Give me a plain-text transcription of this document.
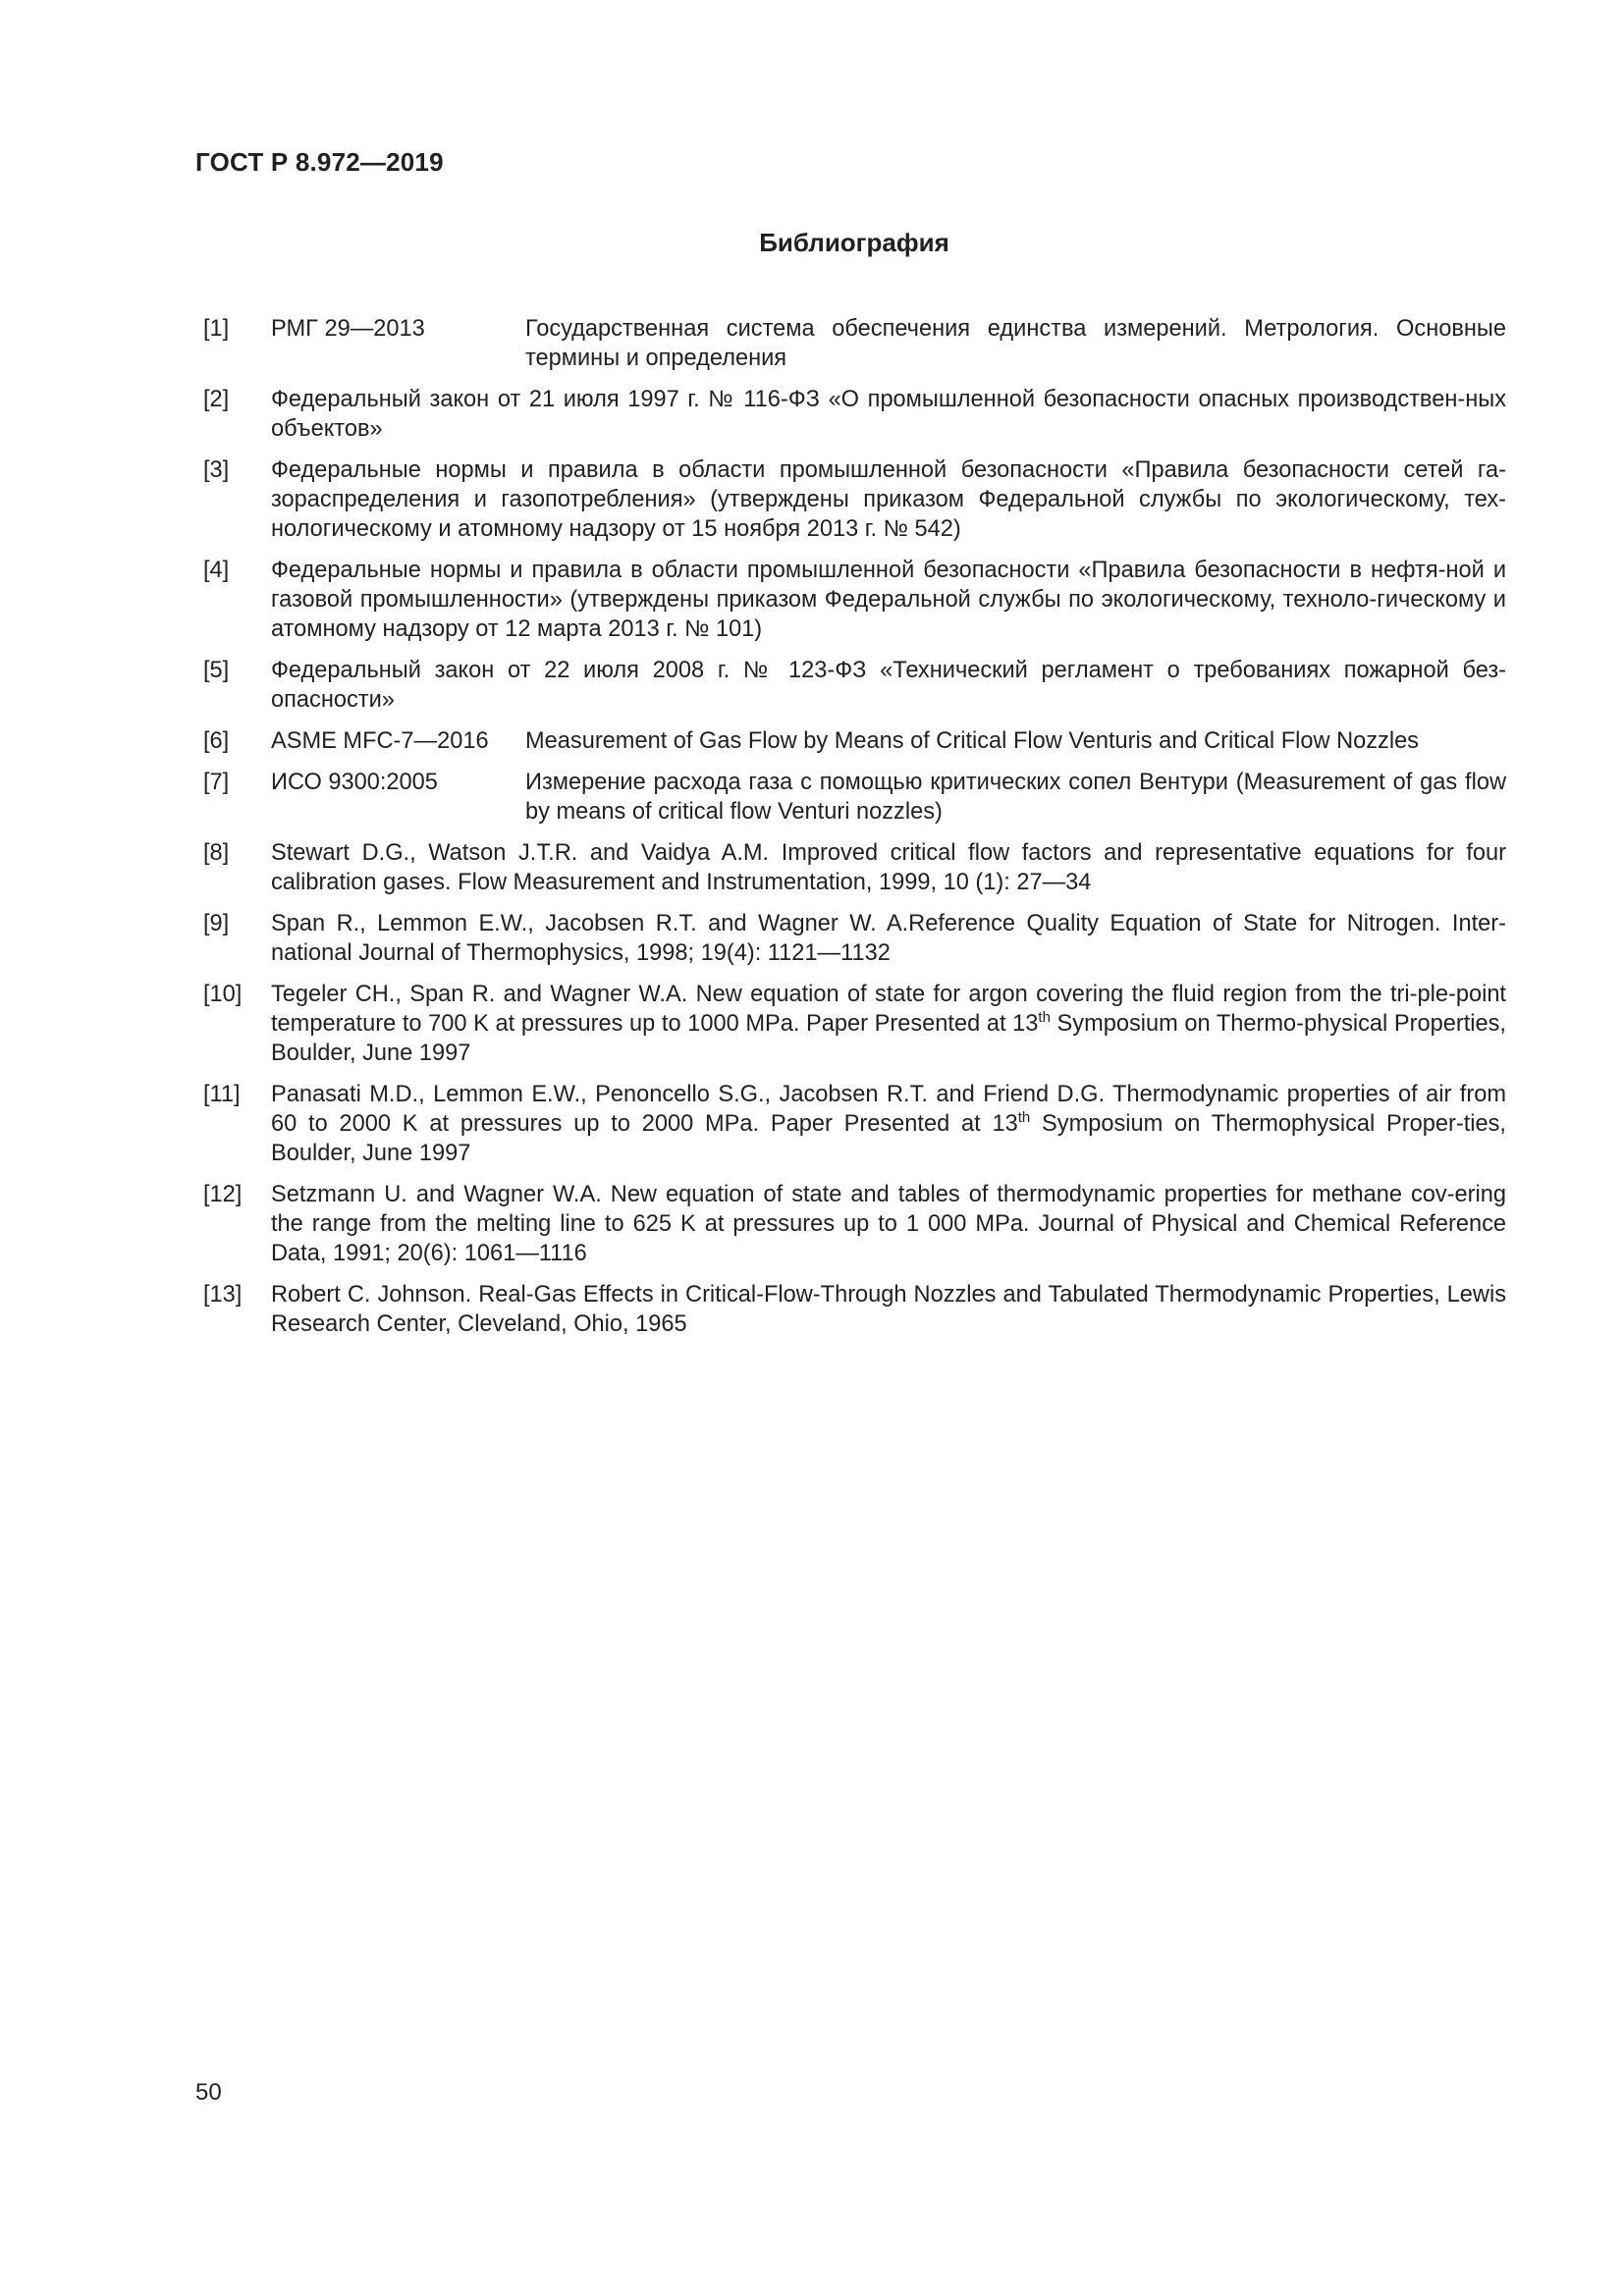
ГОСТ Р 8.972—2019
Библиография
[1]	РМГ 29—2013	Государственная система обеспечения единства измерений. Метрология. Основные термины и определения
[2]	Федеральный закон от 21 июля 1997 г. № 116-ФЗ «О промышленной безопасности опасных производствен-ных объектов»
[3]	Федеральные нормы и правила в области промышленной безопасности «Правила безопасности сетей га-зораспределения и газопотребления» (утверждены приказом Федеральной службы по экологическому, тех-нологическому и атомному надзору от 15 ноября 2013 г. № 542)
[4]	Федеральные нормы и правила в области промышленной безопасности «Правила безопасности в нефтя-ной и газовой промышленности» (утверждены приказом Федеральной службы по экологическому, техноло-гическому и атомному надзору от 12 марта 2013 г. № 101)
[5]	Федеральный закон от 22 июля 2008 г. № 123-ФЗ «Технический регламент о требованиях пожарной без-опасности»
[6]	ASME MFC-7—2016	Measurement of Gas Flow by Means of Critical Flow Venturis and Critical Flow Nozzles
[7]	ИСО 9300:2005	Измерение расхода газа с помощью критических сопел Вентури (Measurement of gas flow by means of critical flow Venturi nozzles)
[8]	Stewart D.G., Watson J.T.R. and Vaidya A.M. Improved critical flow factors and representative equations for four calibration gases. Flow Measurement and Instrumentation, 1999, 10 (1): 27—34
[9]	Span R., Lemmon E.W., Jacobsen R.T. and Wagner W. A.Reference Quality Equation of State for Nitrogen. Inter-national Journal of Thermophysics, 1998; 19(4): 1121—1132
[10]	Tegeler CH., Span R. and Wagner W.A. New equation of state for argon covering the fluid region from the tri-ple-point temperature to 700 K at pressures up to 1000 MPa. Paper Presented at 13th Symposium on Thermo-physical Properties, Boulder, June 1997
[11]	Panasati M.D., Lemmon E.W., Penoncello S.G., Jacobsen R.T. and Friend D.G. Thermodynamic properties of air from 60 to 2000 K at pressures up to 2000 MPa. Paper Presented at 13th Symposium on Thermophysical Proper-ties, Boulder, June 1997
[12]	Setzmann U. and Wagner W.A. New equation of state and tables of thermodynamic properties for methane cov-ering the range from the melting line to 625 K at pressures up to 1 000 MPa. Journal of Physical and Chemical Reference Data, 1991; 20(6): 1061—1116
[13]	Robert C. Johnson. Real-Gas Effects in Critical-Flow-Through Nozzles and Tabulated Thermodynamic Properties, Lewis Research Center, Cleveland, Ohio, 1965
50
